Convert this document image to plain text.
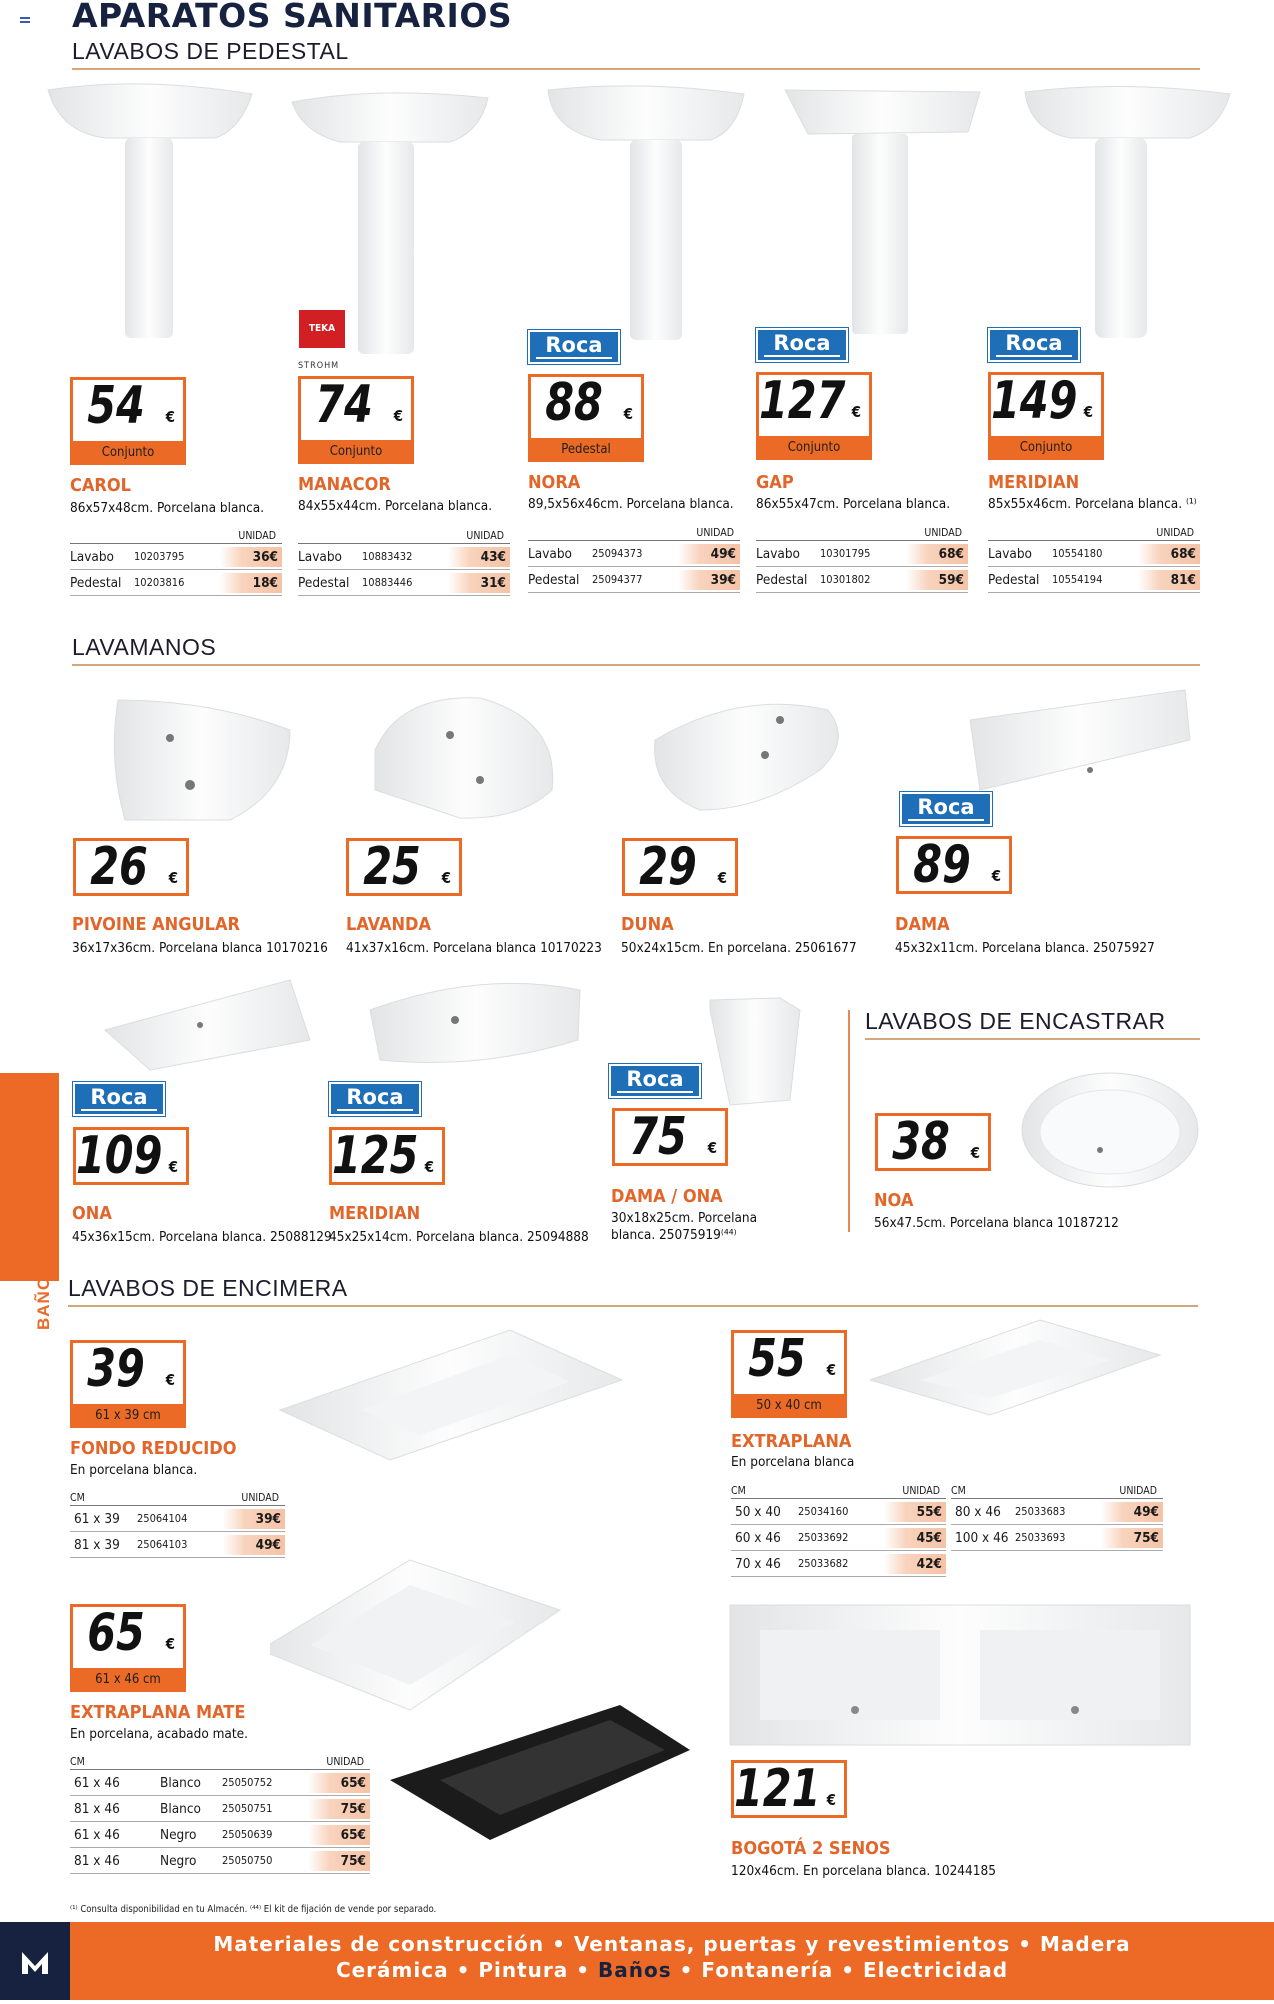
APARATOS SANITARIOS
LAVABOS DE PEDESTAL
TEKA
STROHM
Roca	Roca	Roca
54	€
Conjunto
74	€
Conjunto
88	€
Pedestal
127 €
Conjunto
149 €
Conjunto
CAROL
86x57x48cm. Porcelana blanca.
MANACOR
84x55x44cm. Porcelana blanca.
NORA
89,5x56x46cm. Porcelana blanca.
GAP
86x55x47cm. Porcelana blanca.
MERIDIAN
85x55x46cm. Porcelana blanca. ⁽¹⁾
UNIDAD
Lavabo	10203795	36€
Pedestal	10203816	18€
UNIDAD
Lavabo	10883432	43€
Pedestal	10883446	31€
UNIDAD
Lavabo	25094373	49€
Pedestal	25094377	39€
UNIDAD
Lavabo	10301795	68€
Pedestal	10301802	59€
UNIDAD
Lavabo	10554180	68€
Pedestal	10554194	81€
LAVAMANOS
Roca
Roca	Roca
Roca
26	€	25	€	29	€	89	€
PIVOINE ANGULAR
36x17x36cm. Porcelana blanca 10170216
LAVANDA
41x37x16cm. Porcelana blanca 10170223
DUNA
50x24x15cm. En porcelana. 25061677
DAMA
45x32x11cm. Porcelana blanca. 25075927
109 €	125 €
75	€
ONA
45x36x15cm. Porcelana blanca. 25088129
MERIDIAN
45x25x14cm. Porcelana blanca. 25094888
DAMA / ONA
30x18x25cm. Porcelana blanca. 25075919⁽⁴⁴⁾
LAVABOS DE ENCASTRAR
38	€
NOA
56x47.5cm. Porcelana blanca 10187212
BAÑOS LAVABOS DE ENCIMERA
39	€
61 x 39 cm
FONDO REDUCIDO
En porcelana blanca.
CM	UNIDAD
61 x 39	25064104	39€
81 x 39	25064103	49€
55	€
50 x 40 cm
EXTRAPLANA
En porcelana blanca
CM	UNIDAD
50 x 40	25034160	55€
60 x 46	25033692	45€
70 x 46	25033682	42€
CM	UNIDAD
80 x 46	25033683	49€
100 x 46 25033693	75€
65	€
61 x 46 cm
EXTRAPLANA MATE
En porcelana, acabado mate.
CM	UNIDAD
61 x 46	Blanco	25050752	65€
81 x 46	Blanco	25050751	75€
61 x 46	Negro	25050639	65€
81 x 46	Negro	25050750	75€
121 €
BOGOTÁ 2 SENOS
120x46cm. En porcelana blanca. 10244185
⁽¹⁾ Consulta disponibilidad en tu Almacén. ⁽⁴⁴⁾ El kit de fijación de vende por separado.
Materiales de construcción • Ventanas, puertas y revestimientos • Madera
Cerámica • Pintura • Baños • Fontanería • Electricidad
